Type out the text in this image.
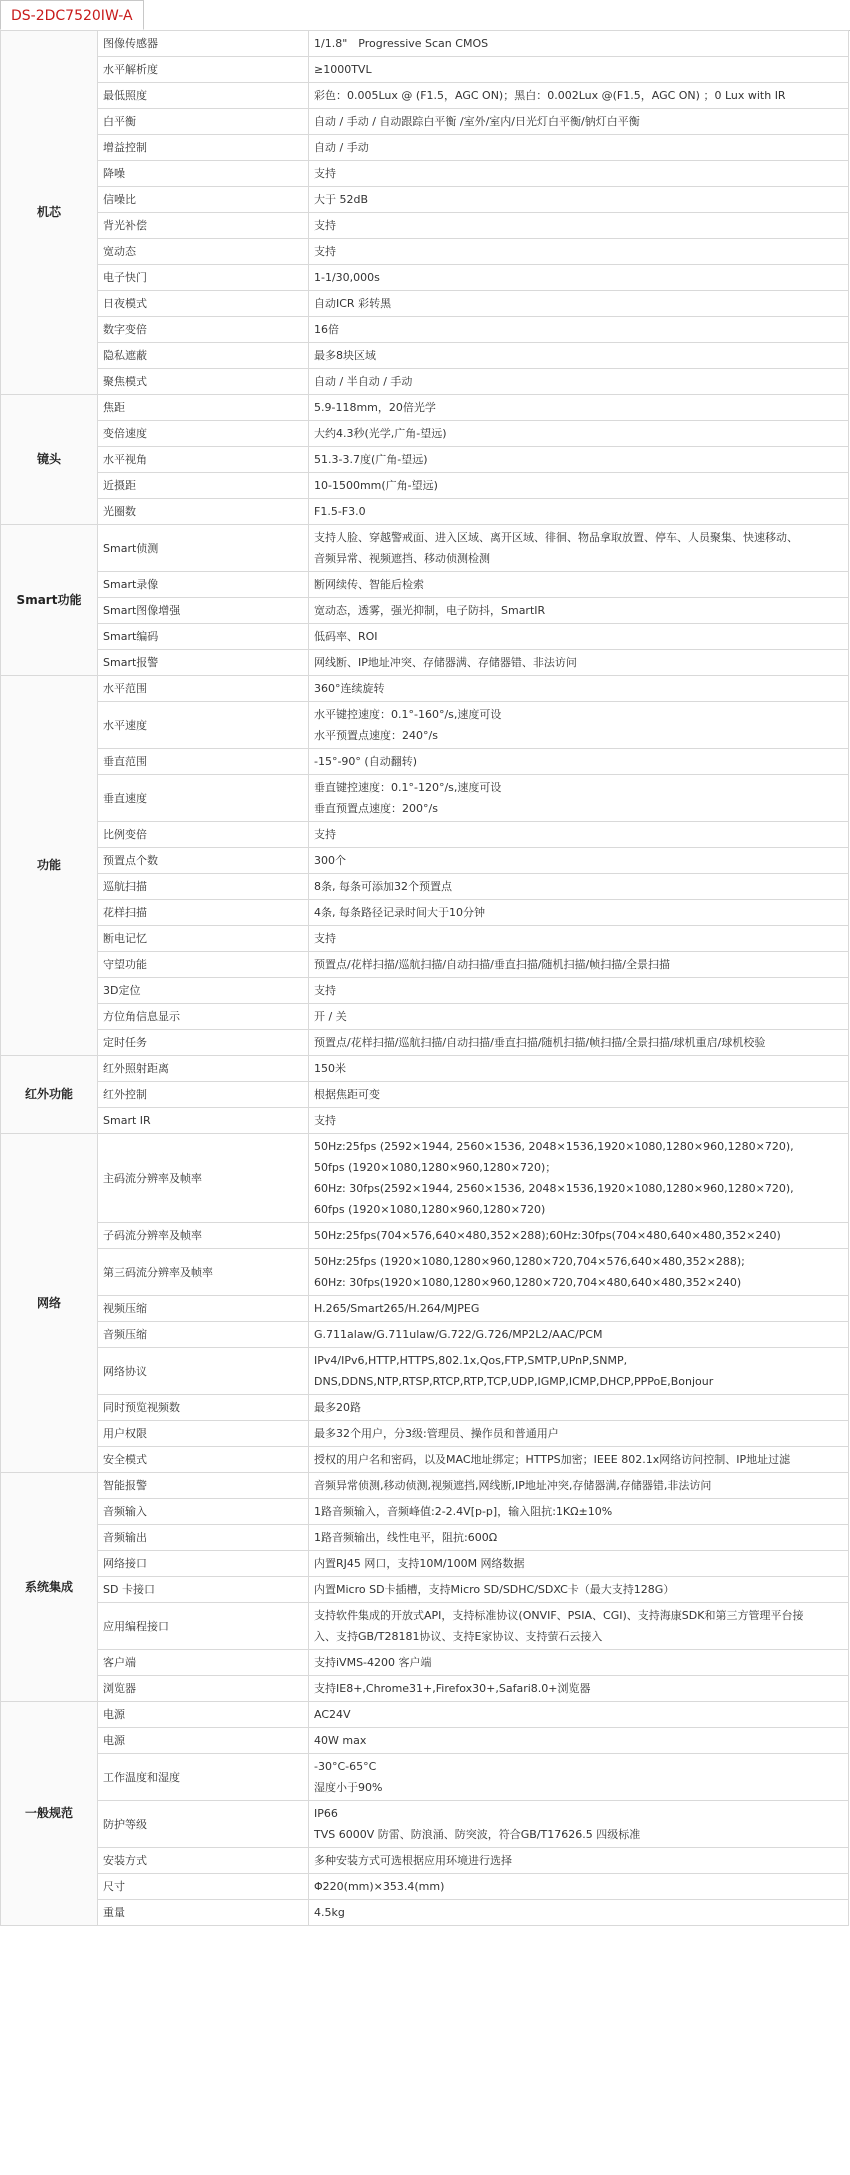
DS-2DC7520IW-A
机芯	图像传感器	1/1.8"　Progressive Scan CMOS

	水平解析度	≥1000TVL

	最低照度	彩色：0.005Lux @ (F1.5，AGC ON)；黑白：0.002Lux @(F1.5，AGC ON) ；0 Lux with IR

	白平衡	自动 / 手动 / 自动跟踪白平衡 /室外/室内/日光灯白平衡/钠灯白平衡

	增益控制	自动 / 手动

	降噪	支持

	信噪比	大于 52dB

	背光补偿	支持

	宽动态	支持

	电子快门	1-1/30,000s

	日夜模式	自动ICR 彩转黑

	数字变倍	16倍

	隐私遮蔽	最多8块区域

	聚焦模式	自动 / 半自动 / 手动

镜头	焦距	5.9-118mm，20倍光学

	变倍速度	大约4.3秒(光学,广角-望远)

	水平视角	51.3-3.7度(广角-望远)

	近摄距	10-1500mm(广角-望远)

	光圈数	F1.5-F3.0

Smart功能	Smart侦测	支持人脸、穿越警戒面、进入区域、离开区域、徘徊、物品拿取放置、停车、人员聚集、快速移动、
音频异常、视频遮挡、移动侦测检测

	Smart录像	断网续传、智能后检索

	Smart图像增强	宽动态，透雾，强光抑制，电子防抖，SmartIR

	Smart编码	低码率、ROI

	Smart报警	网线断、IP地址冲突、存储器满、存储器错、非法访问

功能	水平范围	360°连续旋转

	水平速度	水平键控速度：0.1°-160°/s,速度可设
水平预置点速度：240°/s

	垂直范围	-15°-90° (自动翻转)

	垂直速度	垂直键控速度：0.1°-120°/s,速度可设
垂直预置点速度：200°/s

	比例变倍	支持

	预置点个数	300个

	巡航扫描	8条, 每条可添加32个预置点

	花样扫描	4条, 每条路径记录时间大于10分钟

	断电记忆	支持

	守望功能	预置点/花样扫描/巡航扫描/自动扫描/垂直扫描/随机扫描/帧扫描/全景扫描

	3D定位	支持

	方位角信息显示	开 / 关

	定时任务	预置点/花样扫描/巡航扫描/自动扫描/垂直扫描/随机扫描/帧扫描/全景扫描/球机重启/球机校验

红外功能	红外照射距离	150米

	红外控制	根据焦距可变

	Smart IR	支持

网络	主码流分辨率及帧率	50Hz:25fps (2592×1944, 2560×1536, 2048×1536,1920×1080,1280×960,1280×720),
50fps (1920×1080,1280×960,1280×720)；
60Hz: 30fps(2592×1944, 2560×1536, 2048×1536,1920×1080,1280×960,1280×720),
60fps (1920×1080,1280×960,1280×720)

	子码流分辨率及帧率	50Hz:25fps(704×576,640×480,352×288);60Hz:30fps(704×480,640×480,352×240)

	第三码流分辨率及帧率	50Hz:25fps (1920×1080,1280×960,1280×720,704×576,640×480,352×288);
60Hz: 30fps(1920×1080,1280×960,1280×720,704×480,640×480,352×240)

	视频压缩	H.265/Smart265/H.264/MJPEG

	音频压缩	G.711alaw/G.711ulaw/G.722/G.726/MP2L2/AAC/PCM

	网络协议	IPv4/IPv6,HTTP,HTTPS,802.1x,Qos,FTP,SMTP,UPnP,SNMP,
DNS,DDNS,NTP,RTSP,RTCP,RTP,TCP,UDP,IGMP,ICMP,DHCP,PPPoE,Bonjour

	同时预览视频数	最多20路

	用户权限	最多32个用户，分3级:管理员、操作员和普通用户

	安全模式	授权的用户名和密码，以及MAC地址绑定；HTTPS加密；IEEE 802.1x网络访问控制、IP地址过滤

系统集成	智能报警	音频异常侦测,移动侦测,视频遮挡,网线断,IP地址冲突,存储器满,存储器错,非法访问

	音频输入	1路音频输入，音频峰值:2-2.4V[p-p]，输入阻抗:1KΩ±10%

	音频输出	1路音频输出，线性电平，阻抗:600Ω

	网络接口	内置RJ45 网口，支持10M/100M 网络数据

	SD 卡接口	内置Micro SD卡插槽，支持Micro SD/SDHC/SDXC卡（最大支持128G）

	应用编程接口	支持软件集成的开放式API，支持标准协议(ONVIF、PSIA、CGI)、支持海康SDK和第三方管理平台接
入、支持GB/T28181协议、支持E家协议、支持萤石云接入

	客户端	支持iVMS-4200 客户端

	浏览器	支持IE8+,Chrome31+,Firefox30+,Safari8.0+浏览器

一般规范	电源	AC24V

	电源	40W max

	工作温度和湿度	-30°C-65°C
湿度小于90%

	防护等级	IP66
TVS 6000V 防雷、防浪涌、防突波，符合GB/T17626.5 四级标准

	安装方式	多种安装方式可选根据应用环境进行选择

	尺寸	Φ220(mm)×353.4(mm)

	重量	4.5kg
